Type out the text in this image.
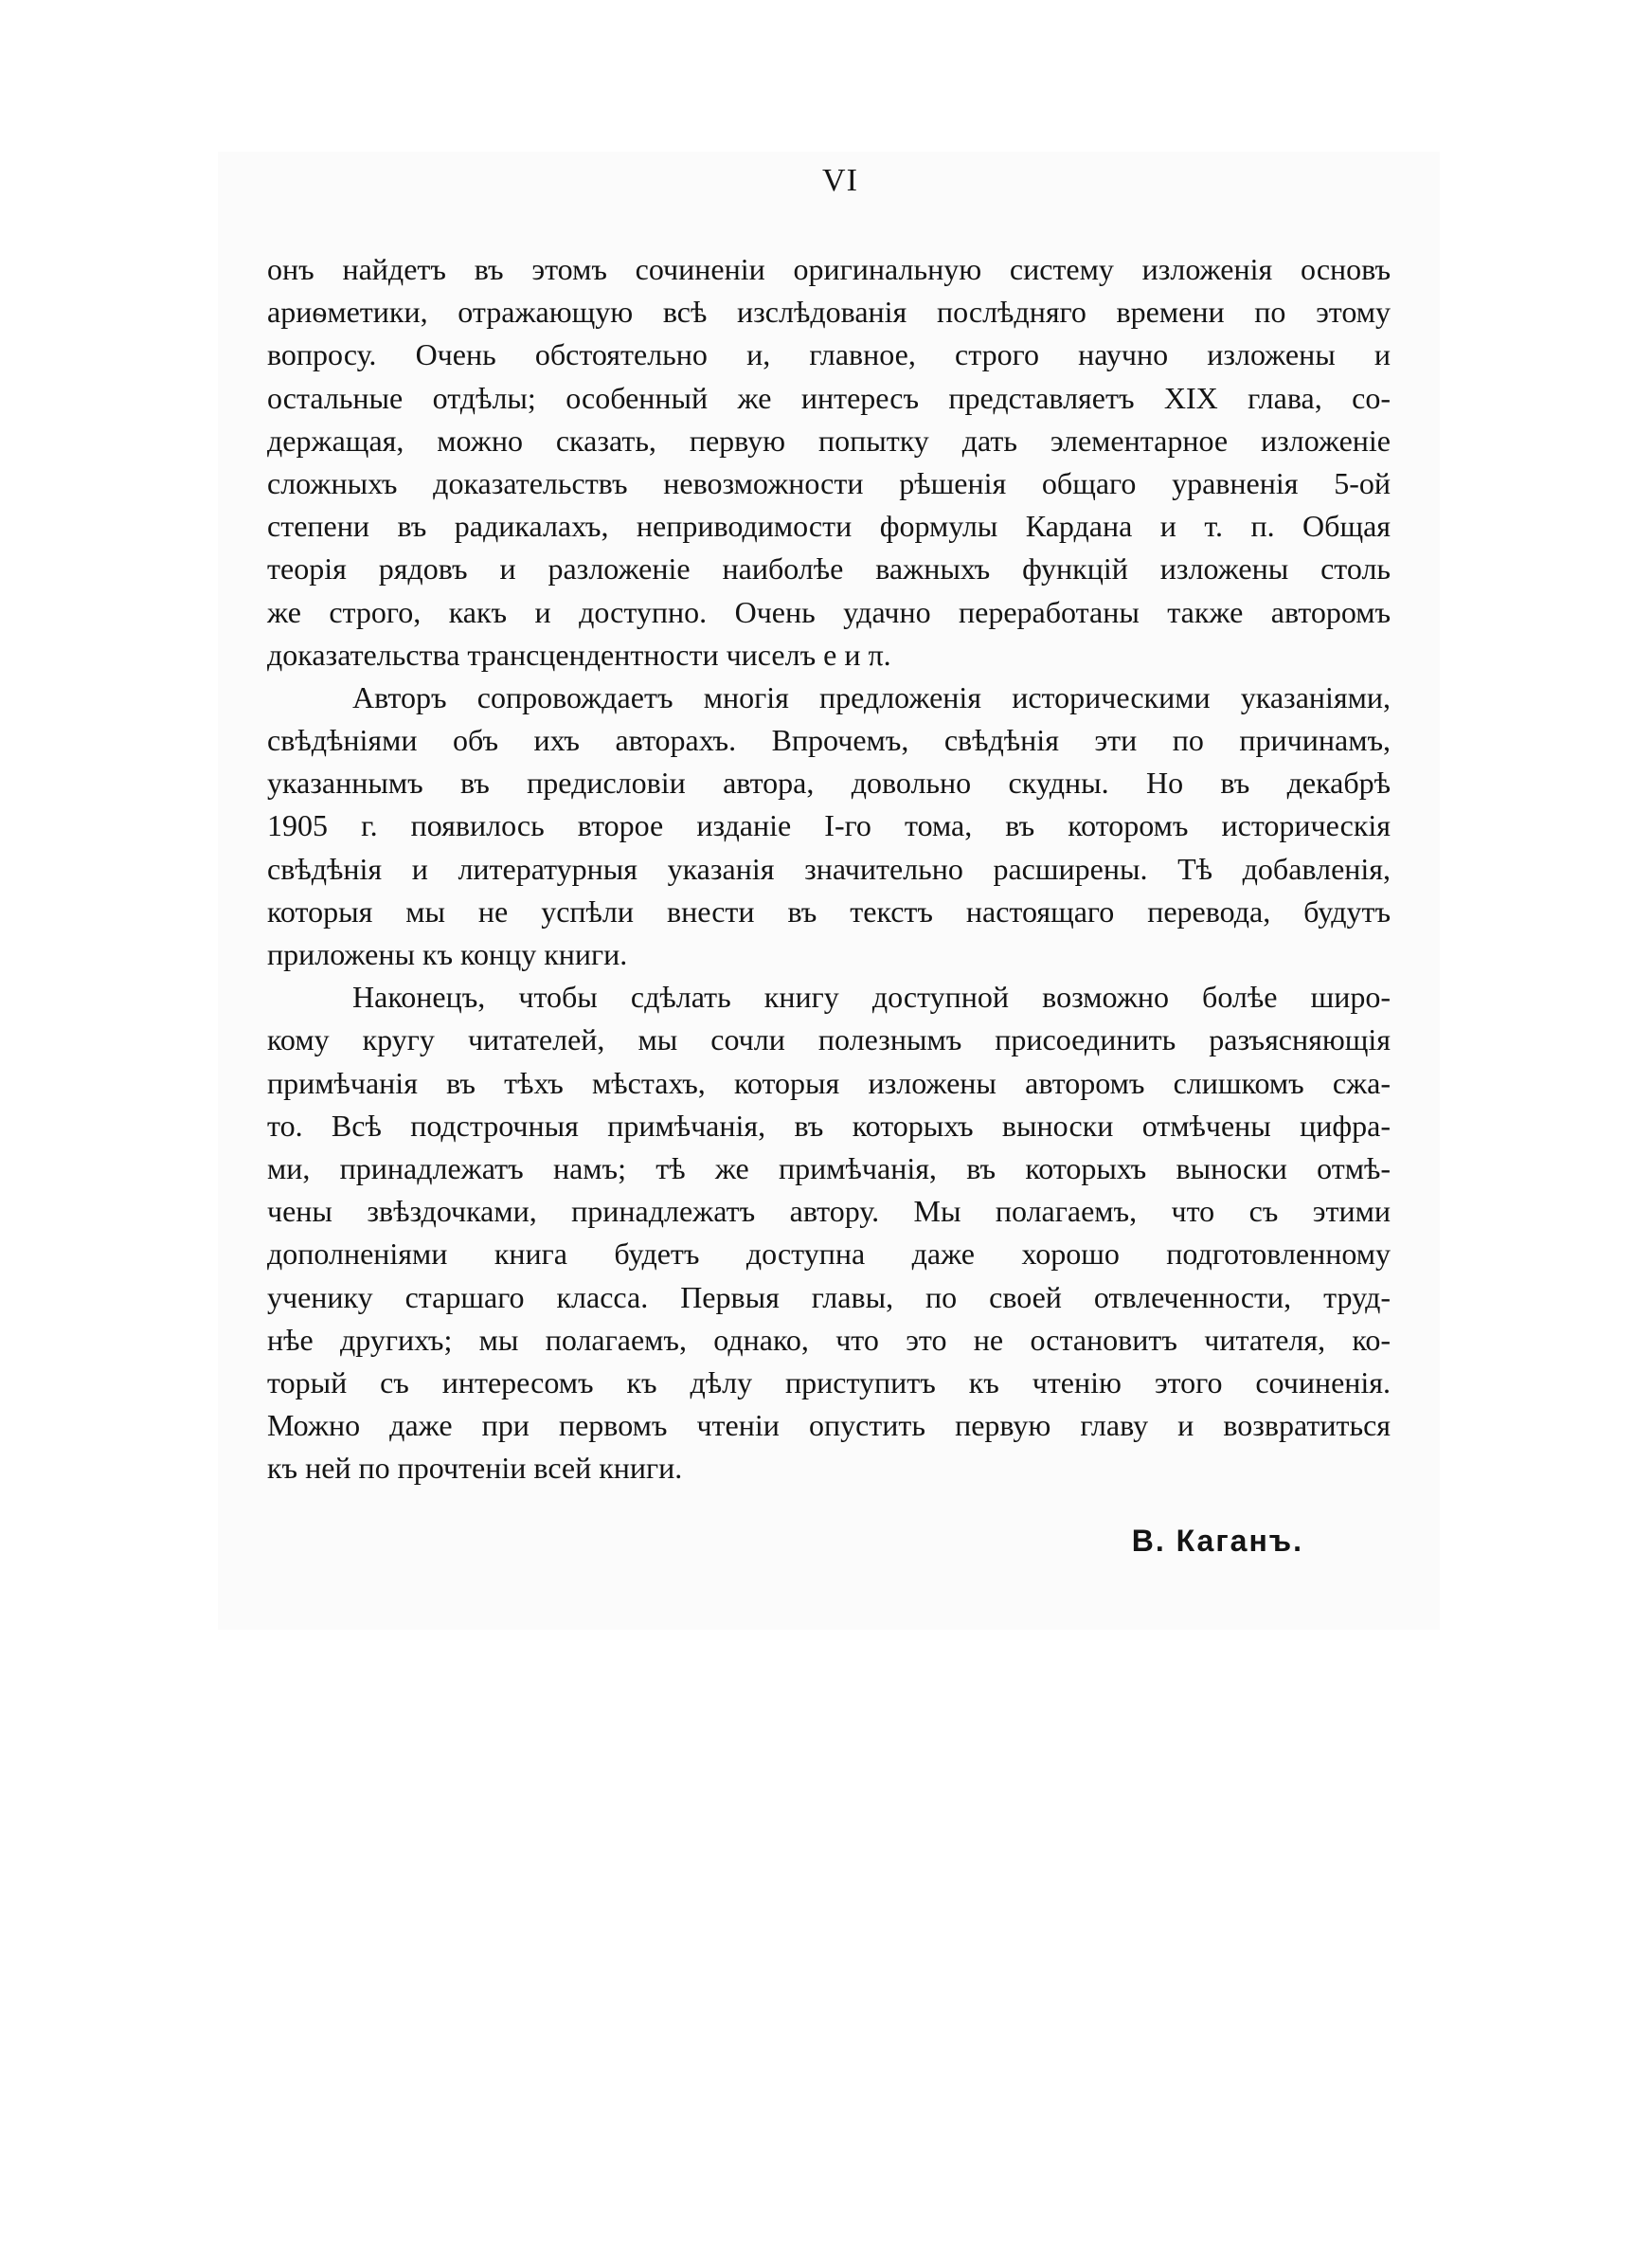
VI
онъ найдетъ въ этомъ сочиненіи оригинальную систему изложенія основъ
ариѳметики, отражающую всѣ изслѣдованія послѣдняго времени по этому
вопросу. Очень обстоятельно и, главное, строго научно изложены и
остальные отдѣлы; особенный же интересъ представляетъ XIX глава, со-
держащая, можно сказать, первую попытку дать элементарное изложеніе
сложныхъ доказательствъ невозможности рѣшенія общаго уравненія 5-ой
степени въ радикалахъ, неприводимости формулы Кардана и т. п. Общая
теорія рядовъ и разложеніе наиболѣе важныхъ функцій изложены столь
же строго, какъ и доступно. Очень удачно переработаны также авторомъ
доказательства трансцендентности чиселъ e и π.
Авторъ сопровождаетъ многія предложенія историческими указаніями,
свѣдѣніями объ ихъ авторахъ. Впрочемъ, свѣдѣнія эти по причинамъ,
указаннымъ въ предисловіи автора, довольно скудны. Но въ декабрѣ
1905 г. появилось второе изданіе I-го тома, въ которомъ историческія
свѣдѣнія и литературныя указанія значительно расширены. Тѣ добавленія,
которыя мы не успѣли внести въ текстъ настоящаго перевода, будутъ
приложены къ концу книги.
Наконецъ, чтобы сдѣлать книгу доступной возможно болѣе широ-
кому кругу читателей, мы сочли полезнымъ присоединить разъясняющія
примѣчанія въ тѣхъ мѣстахъ, которыя изложены авторомъ слишкомъ сжа-
то. Всѣ подстрочныя примѣчанія, въ которыхъ выноски отмѣчены цифра-
ми, принадлежатъ намъ; тѣ же примѣчанія, въ которыхъ выноски отмѣ-
чены звѣздочками, принадлежатъ автору. Мы полагаемъ, что съ этими
дополненіями книга будетъ доступна даже хорошо подготовленному
ученику старшаго класса. Первыя главы, по своей отвлеченности, труд-
нѣе другихъ; мы полагаемъ, однако, что это не остановитъ читателя, ко-
торый съ интересомъ къ дѣлу приступитъ къ чтенію этого сочиненія.
Можно даже при первомъ чтеніи опустить первую главу и возвратиться
къ ней по прочтеніи всей книги.
В. Каганъ.
